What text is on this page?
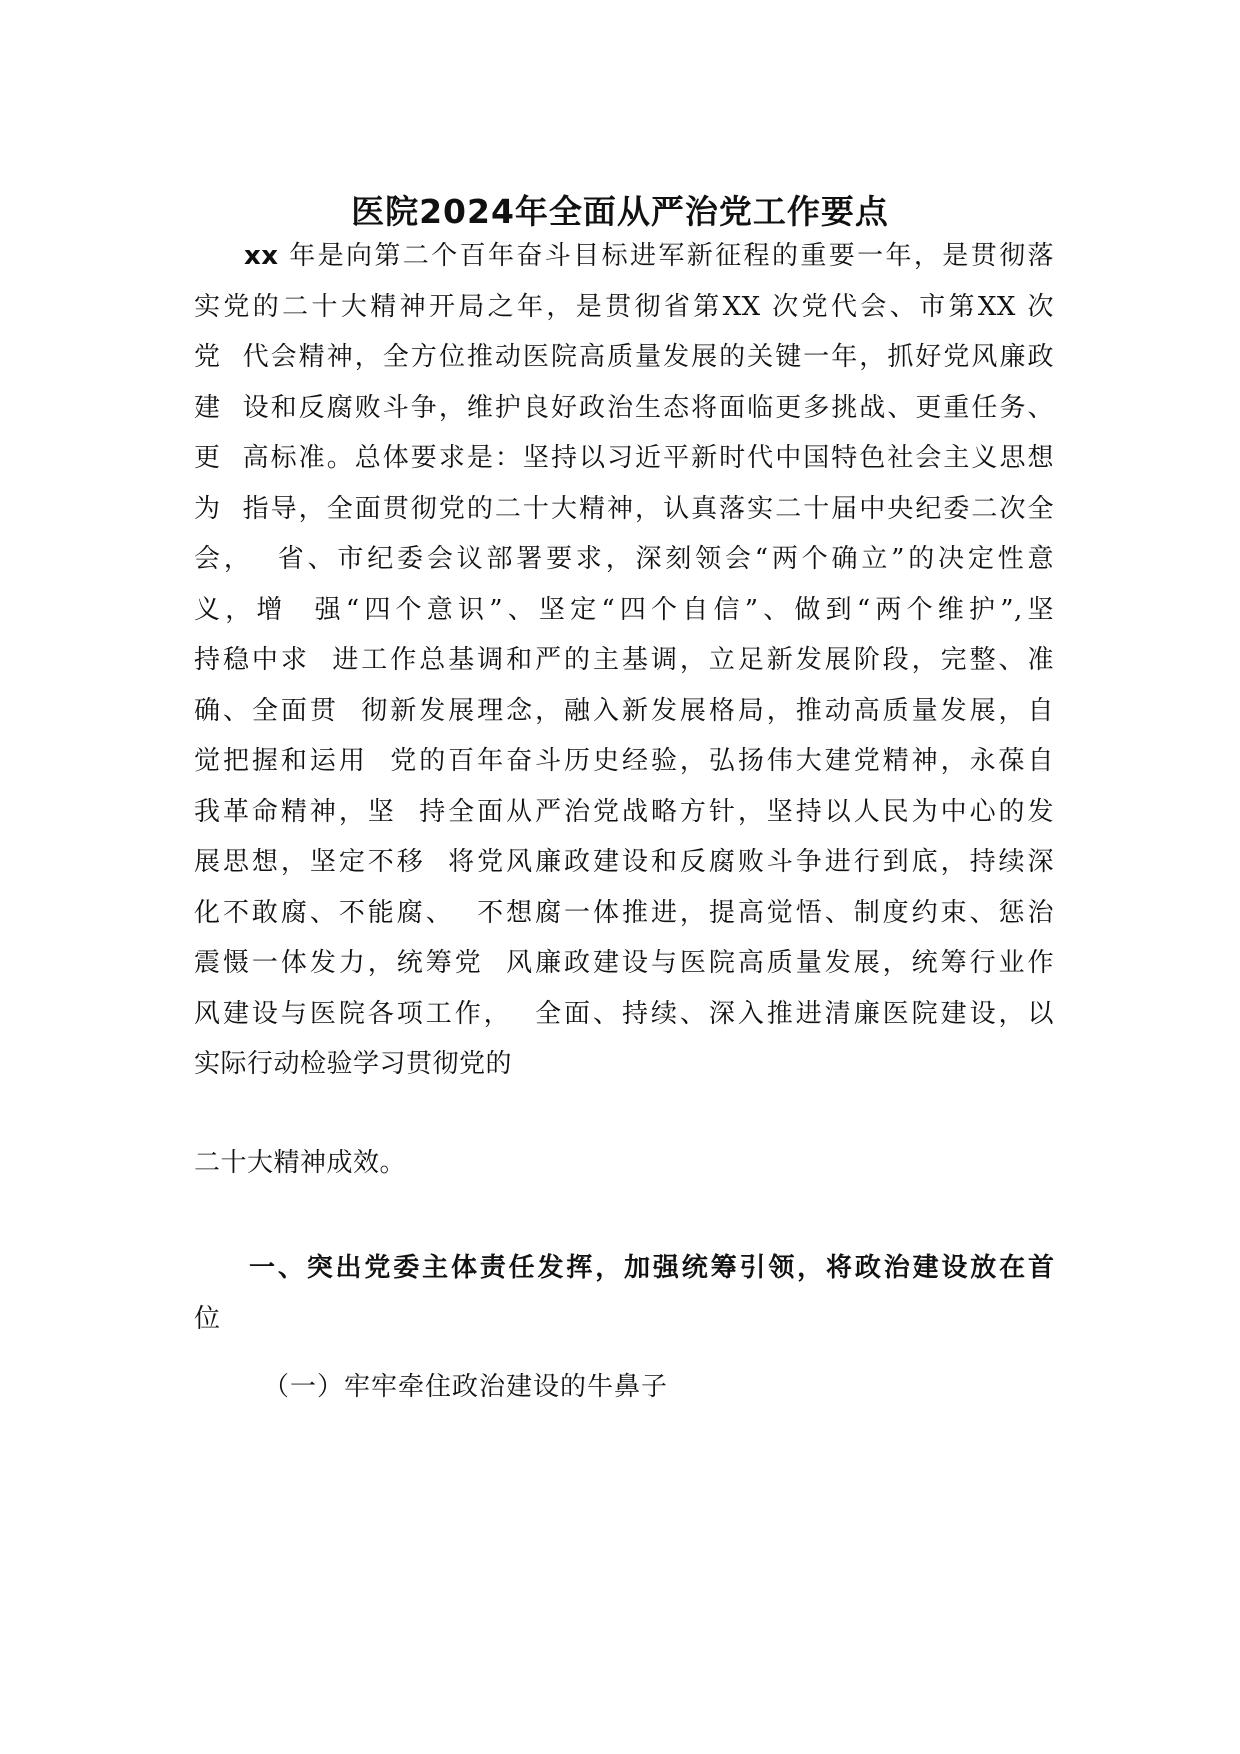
医院2024年全面从严治党工作要点
xx 年是向第二个百年奋斗目标进军新征程的重要一年，是贯彻落
实党的二十大精神开局之年，是贯彻省第XX 次党代会、市第XX 次
党  代会精神，全方位推动医院高质量发展的关键一年，抓好党风廉政
建  设和反腐败斗争，维护良好政治生态将面临更多挑战、更重任务、
更  高标准。总体要求是：坚持以习近平新时代中国特色社会主义思想
为  指导，全面贯彻党的二十大精神，认真落实二十届中央纪委二次全
会，  省、市纪委会议部署要求，深刻领会“两个确立”的决定性意
义，增  强“四个意识”、坚定“四个自信”、做到“两个维护”,坚
持稳中求  进工作总基调和严的主基调，立足新发展阶段，完整、准
确、全面贯  彻新发展理念，融入新发展格局，推动高质量发展，自
觉把握和运用  党的百年奋斗历史经验，弘扬伟大建党精神，永葆自
我革命精神，坚  持全面从严治党战略方针，坚持以人民为中心的发
展思想，坚定不移  将党风廉政建设和反腐败斗争进行到底，持续深
化不敢腐、不能腐、  不想腐一体推进，提高觉悟、制度约束、惩治
震慑一体发力，统筹党  风廉政建设与医院高质量发展，统筹行业作
风建设与医院各项工作，  全面、持续、深入推进清廉医院建设，以
实际行动检验学习贯彻党的
二十大精神成效。
一、突出党委主体责任发挥，加强统筹引领，将政治建设放在首
位
（一）牢牢牵住政治建设的牛鼻子
